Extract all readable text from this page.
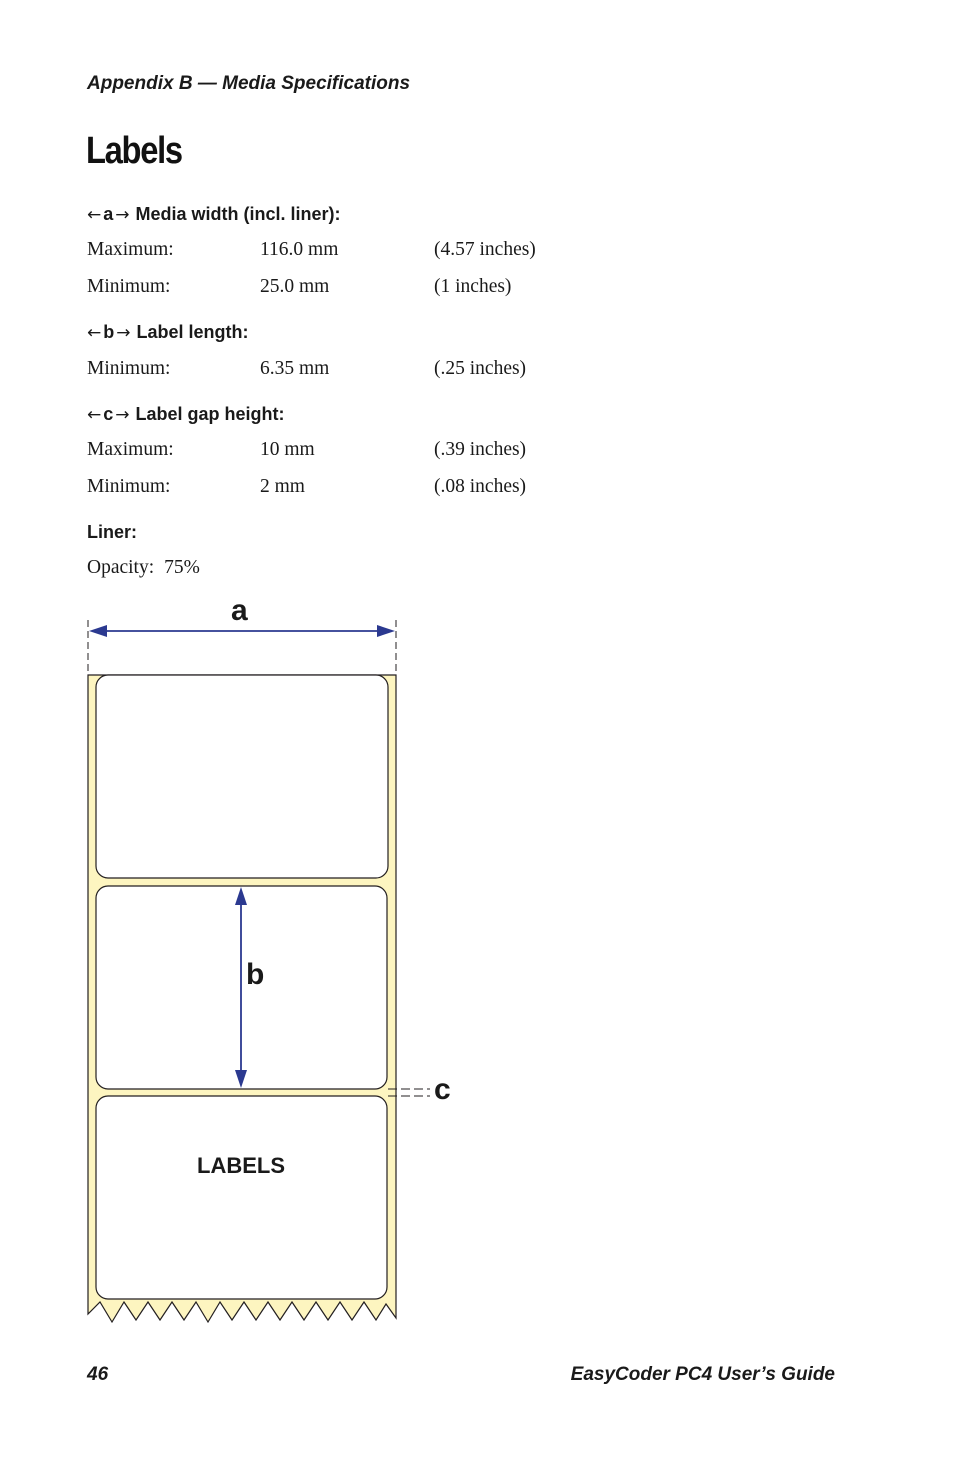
Appendix B — Media Specifications
Labels
← a → Media width (incl. liner):
Maximum:	116.0 mm	(4.57 inches)
Minimum:	25.0 mm	(1 inches)
← b → Label length:
Minimum:	6.35 mm	(.25 inches)
← c → Label gap height:
Maximum:	10 mm	(.39 inches)
Minimum:	2 mm	(.08 inches)
Liner:
Opacity: 75%
a
b
c
LABELS
46	EasyCoder PC4 User’s Guide
